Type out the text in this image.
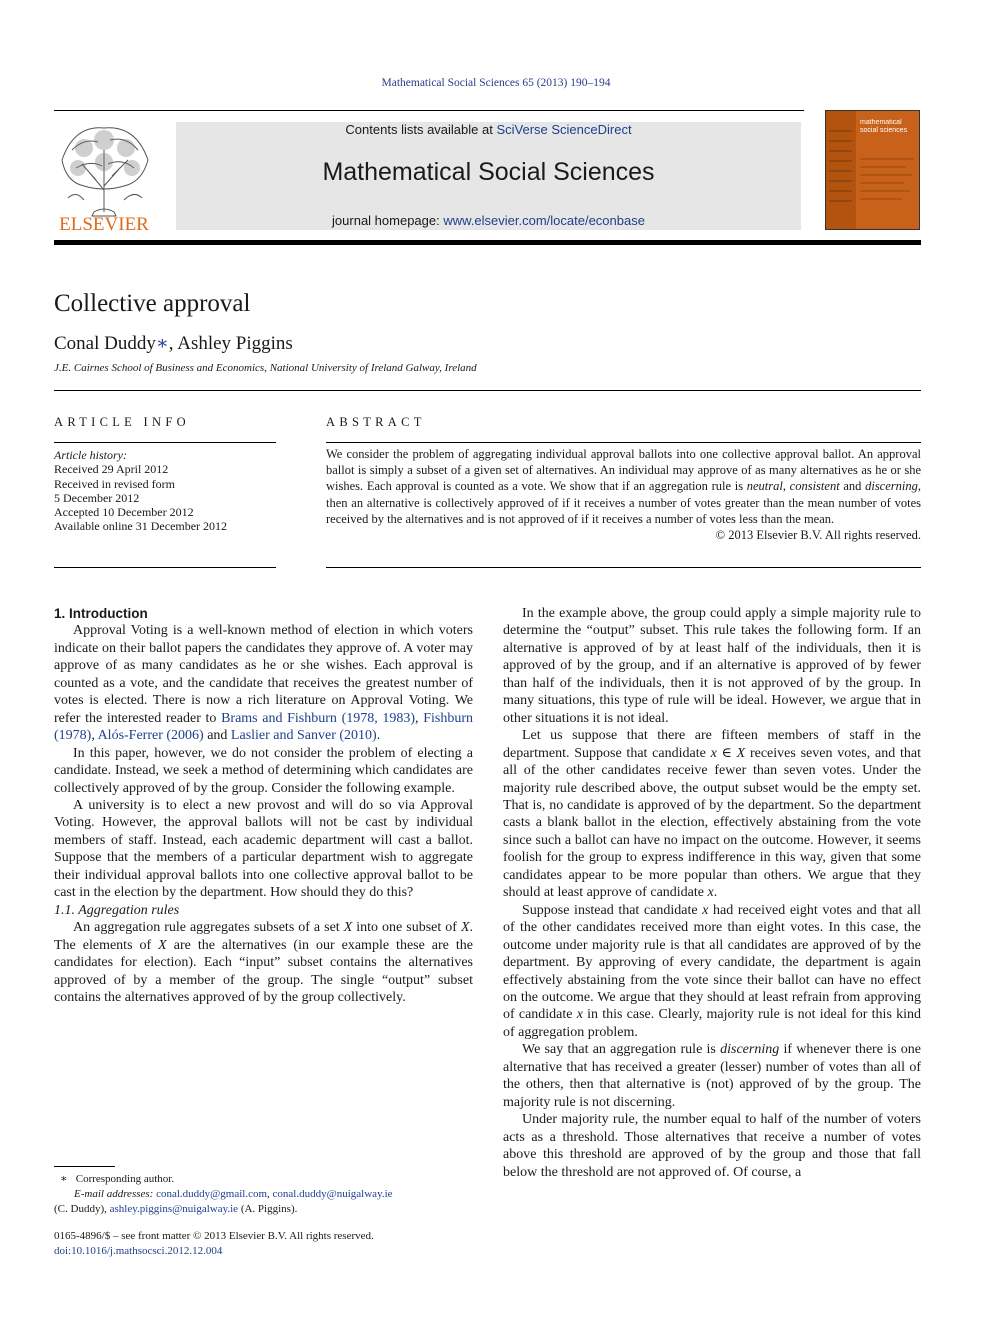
Mathematical Social Sciences 65 (2013) 190–194
ELSEVIER
Contents lists available at SciVerse ScienceDirect
Mathematical Social Sciences
journal homepage: www.elsevier.com/locate/econbase
mathematical social sciences
Collective approval
Conal Duddy∗, Ashley Piggins
J.E. Cairnes School of Business and Economics, National University of Ireland Galway, Ireland
ARTICLE INFO	ABSTRACT
Article history:
Received 29 April 2012
Received in revised form
5 December 2012
Accepted 10 December 2012
Available online 31 December 2012
We consider the problem of aggregating individual approval ballots into one collective approval ballot. An approval ballot is simply a subset of a given set of alternatives. An individual may approve of as many alternatives as he or she wishes. Each approval is counted as a vote. We show that if an aggregation rule is neutral, consistent and discerning, then an alternative is collectively approved of if it receives a number of votes greater than the mean number of votes received by the alternatives and is not approved of if it receives a number of votes less than the mean.
© 2013 Elsevier B.V. All rights reserved.

1. Introduction

Approval Voting is a well-known method of election in which voters indicate on their ballot papers the candidates they approve of. A voter may approve of as many candidates as he or she wishes. Each approval is counted as a vote, and the candidate that receives the greatest number of votes is elected. There is now a rich literature on Approval Voting. We refer the interested reader to Brams and Fishburn (1978, 1983), Fishburn (1978), Alós-Ferrer (2006) and Laslier and Sanver (2010).

In this paper, however, we do not consider the problem of electing a candidate. Instead, we seek a method of determining which candidates are collectively approved of by the group. Consider the following example.

A university is to elect a new provost and will do so via Approval Voting. However, the approval ballots will not be cast by individual members of staff. Instead, each academic department will cast a ballot. Suppose that the members of a particular department wish to aggregate their individual approval ballots into one collective approval ballot to be cast in the election by the department. How should they do this?

1.1. Aggregation rules

An aggregation rule aggregates subsets of a set X into one subset of X. The elements of X are the alternatives (in our example these are the candidates for election). Each “input” subset contains the alternatives approved of by a member of the group. The single “output” subset contains the alternatives approved of by the group collectively.

In the example above, the group could apply a simple majority rule to determine the “output” subset. This rule takes the following form. If an alternative is approved of by at least half of the individuals, then it is approved of by the group, and if an alternative is approved of by fewer than half of the individuals, then it is not approved of by the group. In many situations, this type of rule will be ideal. However, we argue that in other situations it is not ideal.

Let us suppose that there are fifteen members of staff in the department. Suppose that candidate x ∈ X receives seven votes, and that all of the other candidates receive fewer than seven votes. Under the majority rule described above, the output subset would be the empty set. That is, no candidate is approved of by the department. So the department casts a blank ballot in the election, effectively abstaining from the vote since such a ballot can have no impact on the outcome. However, it seems foolish for the group to express indifference in this way, given that some candidates appear to be more popular than others. We argue that they should at least approve of candidate x.

Suppose instead that candidate x had received eight votes and that all of the other candidates received more than eight votes. In this case, the outcome under majority rule is that all candidates are approved of by the department. By approving of every candidate, the department is again effectively abstaining from the vote since their ballot can have no effect on the outcome. We argue that they should at least refrain from approving of candidate x in this case. Clearly, majority rule is not ideal for this kind of aggregation problem.

We say that an aggregation rule is discerning if whenever there is one alternative that has received a greater (lesser) number of votes than all of the others, then that alternative is (not) approved of by the group. The majority rule is not discerning.

Under majority rule, the number equal to half of the number of voters acts as a threshold. Those alternatives that receive a number of votes above this threshold are approved of by the group and those that fall below the threshold are not approved of. Of course, a

∗ Corresponding author.
E-mail addresses: conal.duddy@gmail.com, conal.duddy@nuigalway.ie
(C. Duddy), ashley.piggins@nuigalway.ie (A. Piggins).
0165-4896/$ – see front matter © 2013 Elsevier B.V. All rights reserved.
doi:10.1016/j.mathsocsci.2012.12.004
